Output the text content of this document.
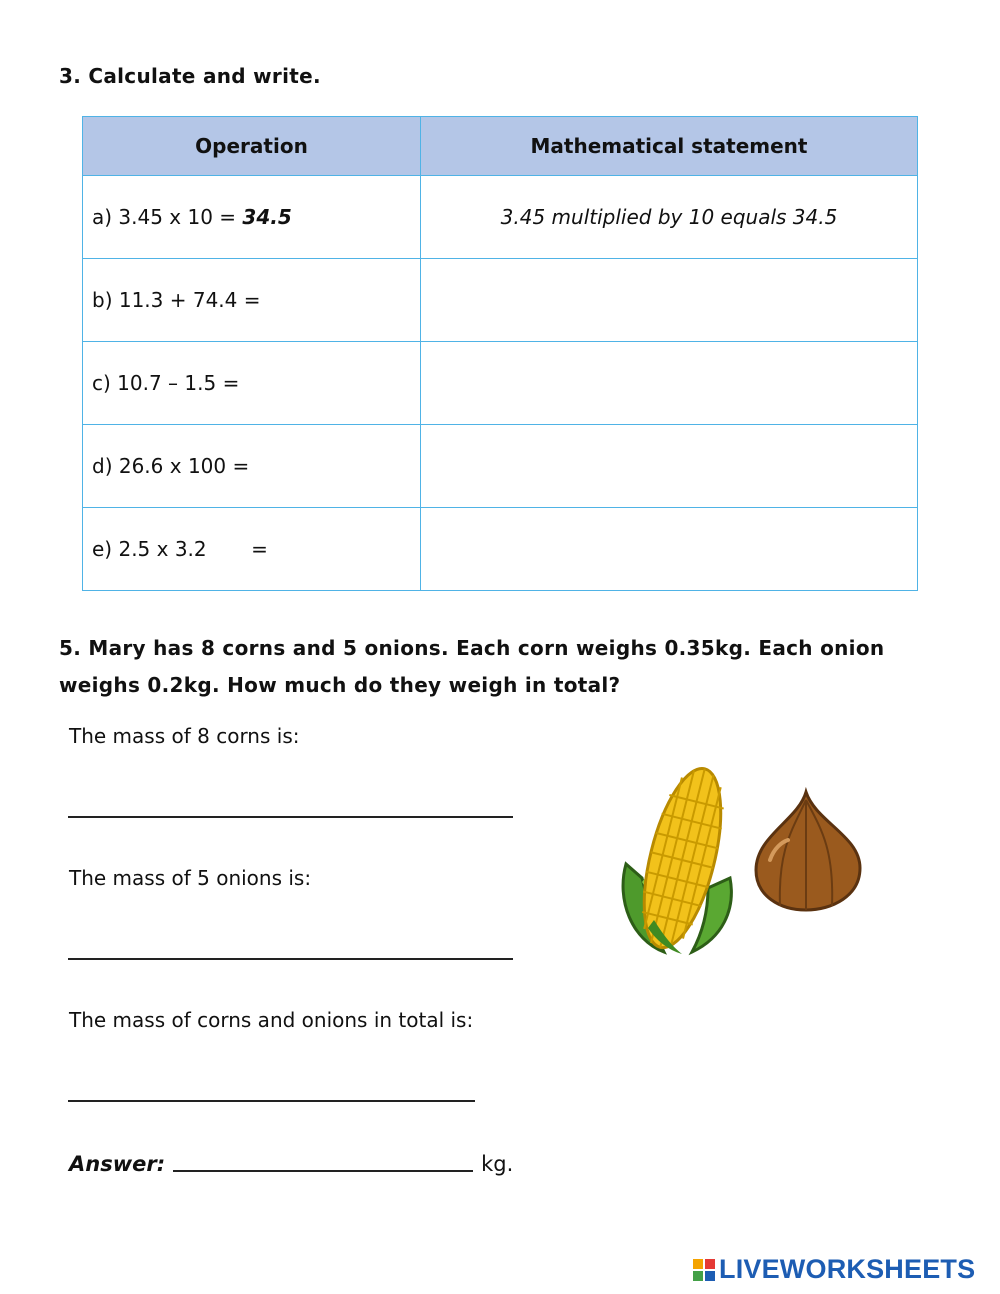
3. Calculate and write.
Operation	Mathematical statement
a) 3.45 x 10 = 34.5	3.45 multiplied by 10 equals 34.5
b) 11.3 + 74.4 =	
c) 10.7 – 1.5 =	
d) 26.6 x 100 =	
e) 2.5 x 3.2       =	
5. Mary has 8 corns and 5 onions. Each corn weighs 0.35kg. Each onion weighs 0.2kg. How much do they weigh in total?
The mass of 8 corns is:
The mass of 5 onions is:
The mass of corns and onions in total is:
Answer:	kg.
LIVEWORKSHEETS
